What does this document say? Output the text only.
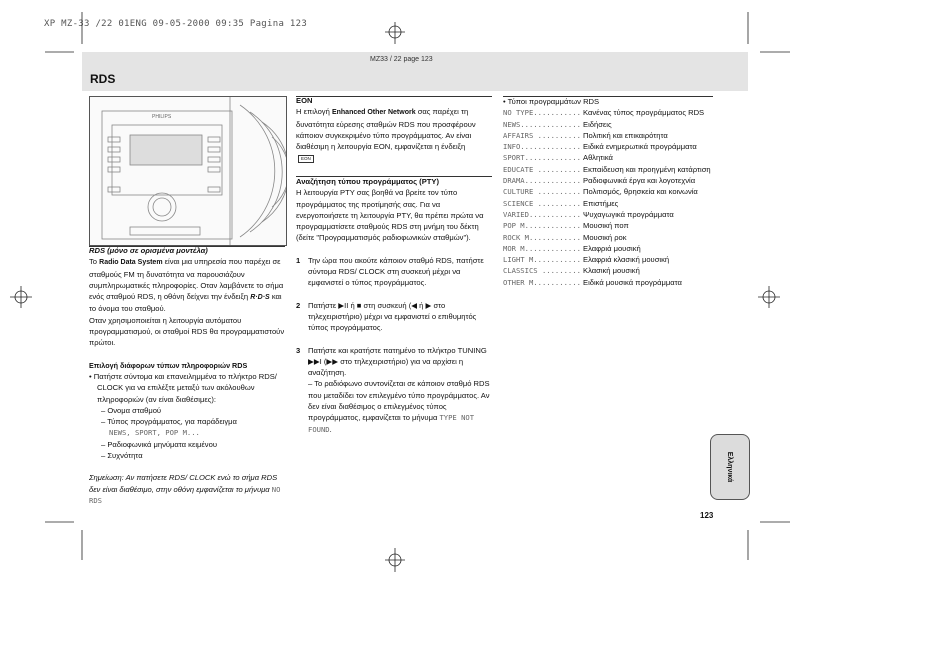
XP MZ-33 /22 01ENG 09-05-2000 09:35 Pagina 123
MZ33 / 22 page 123
RDS
PHILIPS
RDS (μόνο σε ορισμένα μοντέλα)
Το Radio Data System είναι μια υπηρεσία που παρέχει σε σταθμούς FM τη δυνατότητα να παρουσιάζουν συμπληρωματικές πληροφορίες. Οταν λαμβάνετε το σήμα ενός σταθμού RDS, η οθόνη δείχνει την ένδειξη R·D·S και το όνομα του σταθμού.
Οταν χρησιμοποιείται η λειτουργία αυτόματου προγραμματισμού, οι σταθμοί RDS θα προγραμματιστούν πρώτοι.
Επιλογή διάφορων τύπων πληροφοριών RDS
• Πατήστε σύντομα και επανειλημμένα το πλήκτρο RDS/ CLOCK για να επιλέξτε μεταξύ των ακόλουθων πληροφοριών (αν είναι διαθέσιμες):
– Ονομα σταθμού
– Τύπος προγράμματος, για παράδειγμα
NEWS, SPORT, POP M...
– Ραδιοφωνικά μηνύματα κειμένου
– Συχνότητα
Σημείωση: Αν πατήσετε RDS/ CLOCK ενώ το σήμα RDS δεν είναι διαθέσιμο, στην οθόνη εμφανίζεται το μήνυμα NO RDS
EON
Η επιλογή Enhanced Other Network σας παρέχει τη δυνατότητα εύρεσης σταθμών RDS που προσφέρουν κάποιον συγκεκριμένο τύπο προγράμματος. Αν είναι διαθέσιμη η λειτουργία EON, εμφανίζεται η ένδειξη
EON
Αναζήτηση τύπου προγράμματος (PTY)
Η λειτουργία PTY σας βοηθά να βρείτε τον τύπο προγράμματος της προτίμησής σας. Για να ενεργοποιήσετε τη λειτουργία PTY, θα πρέπει πρώτα να προγραμματίσετε σταθμούς RDS στη μνήμη του δέκτη (δείτε "Προγραμματισμός ραδιοφωνικών σταθμών").
1	Την ώρα που ακούτε κάποιον σταθμό RDS, πατήστε σύντομα RDS/ CLOCK στη συσκευή μέχρι να εμφανιστεί ο τύπος προγράμματος.
2	Πατήστε ▶II ή ■ στη συσκευή (◀ ή ▶ στο τηλεχειριστήριο) μέχρι να εμφανιστεί ο επιθυμητός τύπος προγράμματος.
3	Πατήστε και κρατήστε πατημένο το πλήκτρο TUNING ▶▶I (▶▶ στο τηλεχειριστήριο) για να αρχίσει η αναζήτηση.
– Το ραδιόφωνο συντονίζεται σε κάποιον σταθμό RDS που μεταδίδει τον επιλεγμένο τύπο προγράμματος. Αν δεν είναι διαθέσιμος ο επιλεγμένος τύπος προγράμματος, εμφανίζεται το μήνυμα TYPE NOT FOUND.
• Τύποι προγραμμάτων RDS
NO TYPE........... Κανένας τύπος προγράμματος RDS
NEWS.............. Ειδήσεις
AFFAIRS .......... Πολιτική και επικαιρότητα
INFO.............. Ειδικά ενημερωτικά προγράμματα
SPORT............. Αθλητικά
EDUCATE .......... Εκπαίδευση και προηγμένη κατάρτιση
DRAMA............. Ραδιοφωνικά έργα και λογοτεχνία
CULTURE .......... Πολιτισμός, θρησκεία και κοινωνία
SCIENCE .......... Επιστήμες
VARIED............ Ψυχαγωγικά προγράμματα
POP M............. Μουσική ποπ
ROCK M............ Μουσική ροκ
MOR M............. Ελαφριά μουσική
LIGHT M........... Ελαφριά κλασική μουσική
CLASSICS ......... Κλασική μουσική
OTHER M........... Ειδικά μουσικά προγράμματα
Ελληνικά
123
